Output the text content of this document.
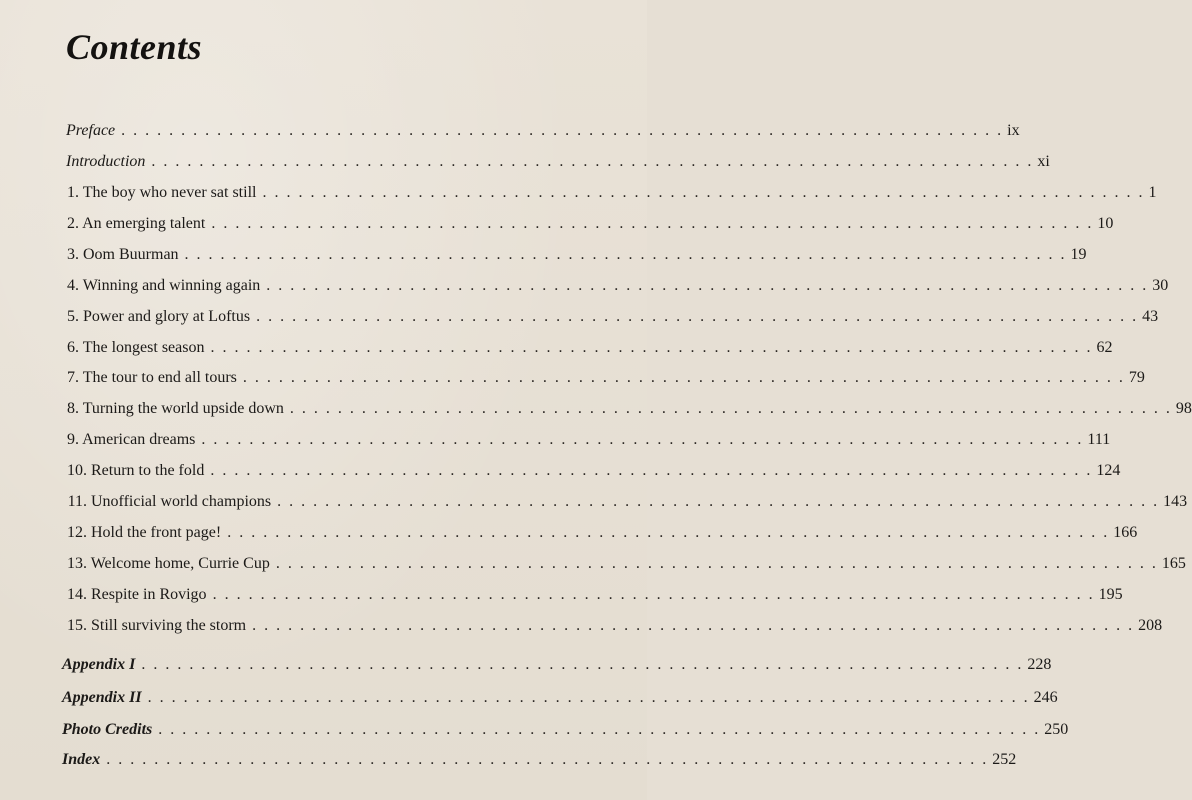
Contents
Preface . . . . . . . . . . . . . . . . . . . . . . . . . . . . . . . . . . . . . . . . . . . . . . . . . . . . . . . . . . . . . . . . . . . . . . . . . . ix
Introduction . . . . . . . . . . . . . . . . . . . . . . . . . . . . . . . . . . . . . . . . . . . . . . . . . . . . . . . . . . . . . . . . . . . . . . . . . . xi
1. The boy who never sat still . . . . . . . . . . . . . . . . . . . . . . . . . . . . . . . . . . . . . . . . . . . . . . . . . . . . . . . . . . . . . . . . . . . . . . . . . . 1
2. An emerging talent . . . . . . . . . . . . . . . . . . . . . . . . . . . . . . . . . . . . . . . . . . . . . . . . . . . . . . . . . . . . . . . . . . . . . . . . . . 10
3. Oom Buurman . . . . . . . . . . . . . . . . . . . . . . . . . . . . . . . . . . . . . . . . . . . . . . . . . . . . . . . . . . . . . . . . . . . . . . . . . . 19
4. Winning and winning again . . . . . . . . . . . . . . . . . . . . . . . . . . . . . . . . . . . . . . . . . . . . . . . . . . . . . . . . . . . . . . . . . . . . . . . . . . 30
5. Power and glory at Loftus . . . . . . . . . . . . . . . . . . . . . . . . . . . . . . . . . . . . . . . . . . . . . . . . . . . . . . . . . . . . . . . . . . . . . . . . . . 43
6. The longest season . . . . . . . . . . . . . . . . . . . . . . . . . . . . . . . . . . . . . . . . . . . . . . . . . . . . . . . . . . . . . . . . . . . . . . . . . . 62
7. The tour to end all tours . . . . . . . . . . . . . . . . . . . . . . . . . . . . . . . . . . . . . . . . . . . . . . . . . . . . . . . . . . . . . . . . . . . . . . . . . . 79
8. Turning the world upside down . . . . . . . . . . . . . . . . . . . . . . . . . . . . . . . . . . . . . . . . . . . . . . . . . . . . . . . . . . . . . . . . . . . . . . . . . . 98
9. American dreams . . . . . . . . . . . . . . . . . . . . . . . . . . . . . . . . . . . . . . . . . . . . . . . . . . . . . . . . . . . . . . . . . . . . . . . . . . 111
10. Return to the fold . . . . . . . . . . . . . . . . . . . . . . . . . . . . . . . . . . . . . . . . . . . . . . . . . . . . . . . . . . . . . . . . . . . . . . . . . . 124
11. Unofficial world champions . . . . . . . . . . . . . . . . . . . . . . . . . . . . . . . . . . . . . . . . . . . . . . . . . . . . . . . . . . . . . . . . . . . . . . . . . . 143
12. Hold the front page! . . . . . . . . . . . . . . . . . . . . . . . . . . . . . . . . . . . . . . . . . . . . . . . . . . . . . . . . . . . . . . . . . . . . . . . . . . 166
13. Welcome home, Currie Cup . . . . . . . . . . . . . . . . . . . . . . . . . . . . . . . . . . . . . . . . . . . . . . . . . . . . . . . . . . . . . . . . . . . . . . . . . . 165
14. Respite in Rovigo . . . . . . . . . . . . . . . . . . . . . . . . . . . . . . . . . . . . . . . . . . . . . . . . . . . . . . . . . . . . . . . . . . . . . . . . . . 195
15. Still surviving the storm . . . . . . . . . . . . . . . . . . . . . . . . . . . . . . . . . . . . . . . . . . . . . . . . . . . . . . . . . . . . . . . . . . . . . . . . . . 208
Appendix I . . . . . . . . . . . . . . . . . . . . . . . . . . . . . . . . . . . . . . . . . . . . . . . . . . . . . . . . . . . . . . . . . . . . . . . . . . 228
Appendix II . . . . . . . . . . . . . . . . . . . . . . . . . . . . . . . . . . . . . . . . . . . . . . . . . . . . . . . . . . . . . . . . . . . . . . . . . . 246
Photo Credits . . . . . . . . . . . . . . . . . . . . . . . . . . . . . . . . . . . . . . . . . . . . . . . . . . . . . . . . . . . . . . . . . . . . . . . . . . 250
Index . . . . . . . . . . . . . . . . . . . . . . . . . . . . . . . . . . . . . . . . . . . . . . . . . . . . . . . . . . . . . . . . . . . . . . . . . . 252
